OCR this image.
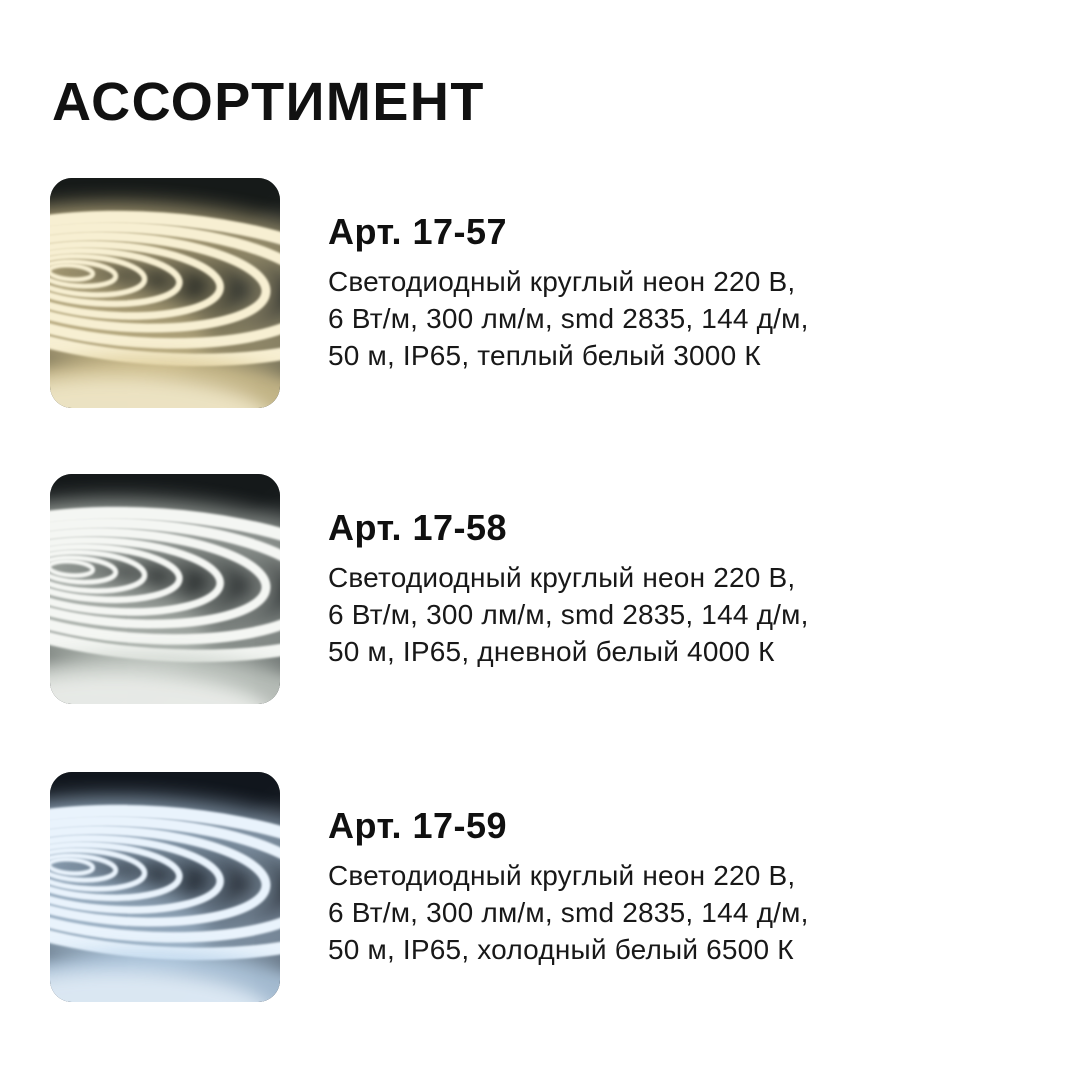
АССОРТИМЕНТ
Арт. 17-57
Светодиодный круглый неон 220 В,
6 Вт/м, 300 лм/м, smd 2835, 144 д/м,
50 м, IP65, теплый белый 3000 К
Арт. 17-58
Светодиодный круглый неон 220 В,
6 Вт/м, 300 лм/м, smd 2835, 144 д/м,
50 м, IP65, дневной белый 4000 К
Арт. 17-59
Светодиодный круглый неон 220 В,
6 Вт/м, 300 лм/м, smd 2835, 144 д/м,
50 м, IP65, холодный белый 6500 К
